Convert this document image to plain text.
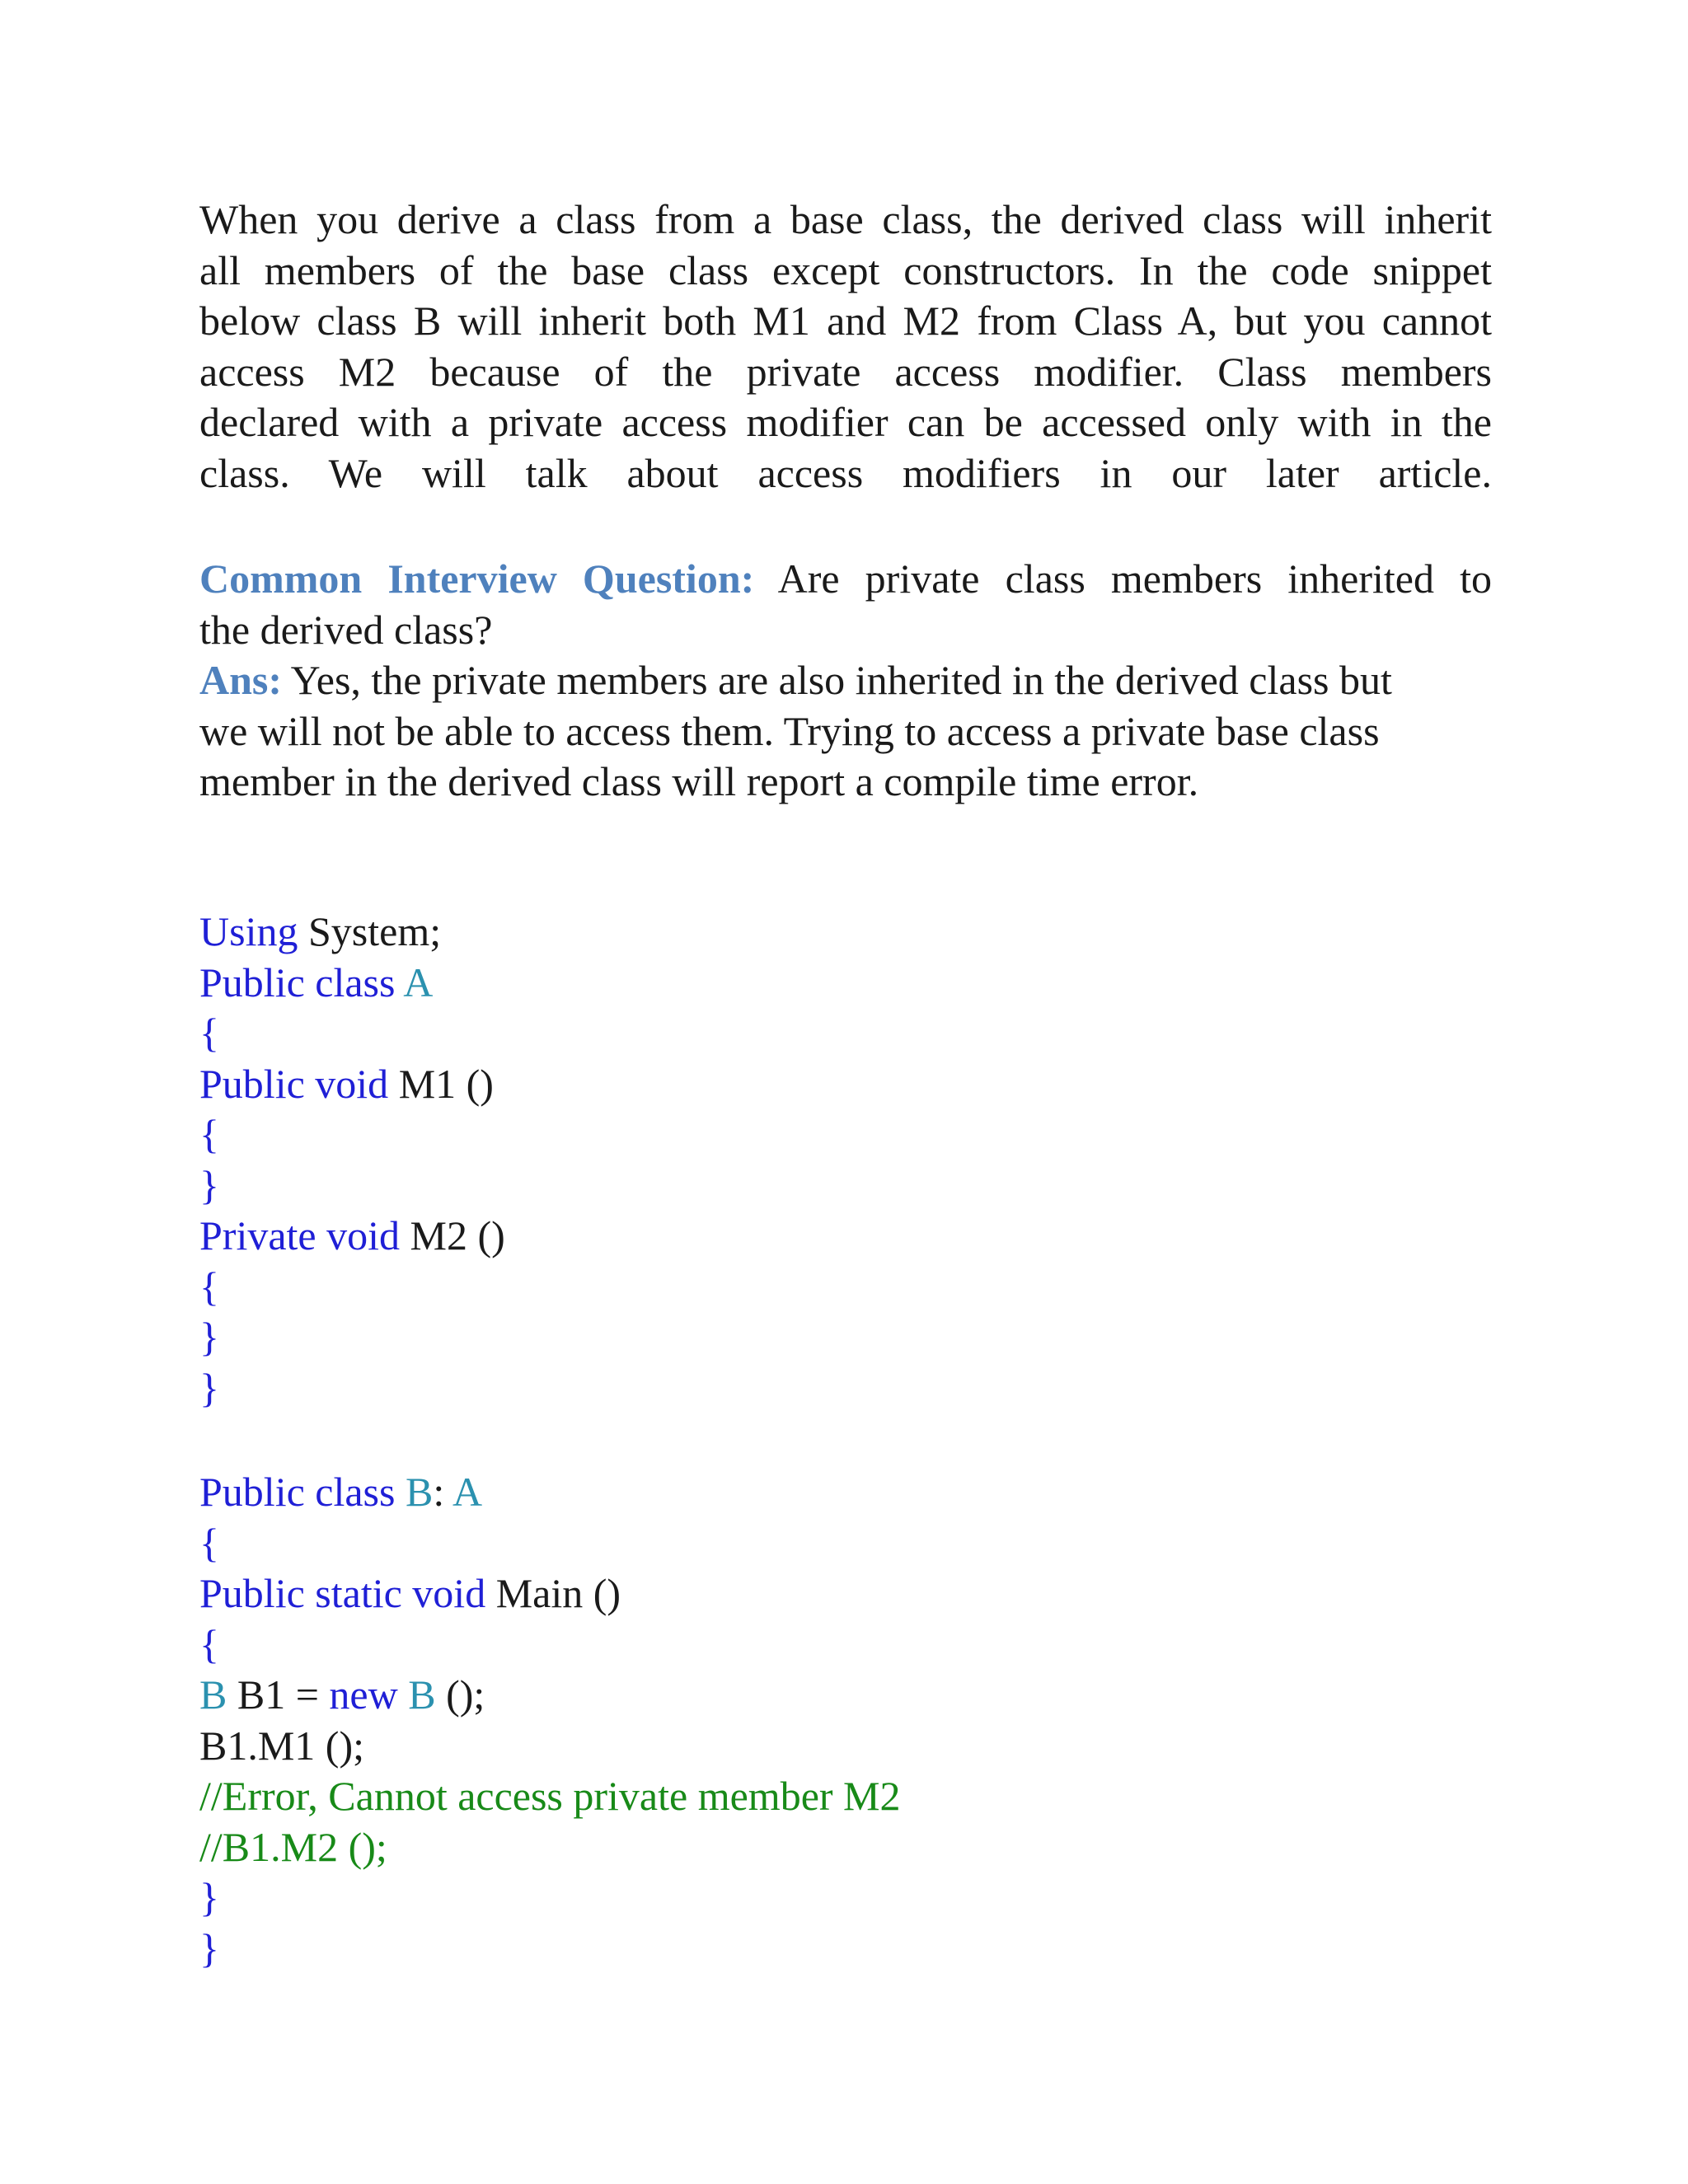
When you derive a class from a base class, the derived class will inherit
all members of the base class except constructors. In the code snippet
below class B will inherit both M1 and M2 from Class A, but you cannot
access M2 because of the private access modifier. Class members
declared with a private access modifier can be accessed only with in the
class. We will talk about access modifiers in our later article.
Common Interview Question: Are private class members inherited to
the derived class?
Ans: Yes, the private members are also inherited in the derived class but
we will not be able to access them. Trying to access a private base class
member in the derived class will report a compile time error.
Using System;
Public class A
{
Public void M1 ()
{
}
Private void M2 ()
{
}
}
Public class B: A
{
Public static void Main ()
{
B B1 = new B ();
B1.M1 ();
//Error, Cannot access private member M2
//B1.M2 ();
}
}
